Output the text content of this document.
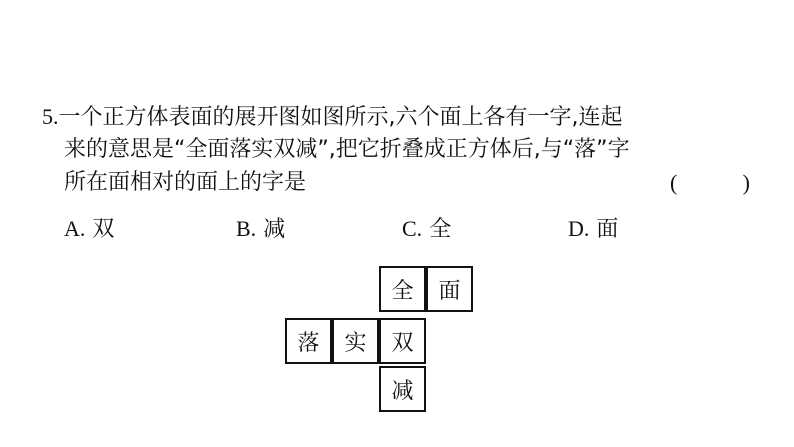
5.一个正方体表面的展开图如图所示,六个面上各有一字,连起
来的意思是“全面落实双减”,把它折叠成正方体后,与“落”字
所在面相对的面上的字是	(	)
A. 双	B. 减	C. 全	D. 面
全	面
落	实	双
减
